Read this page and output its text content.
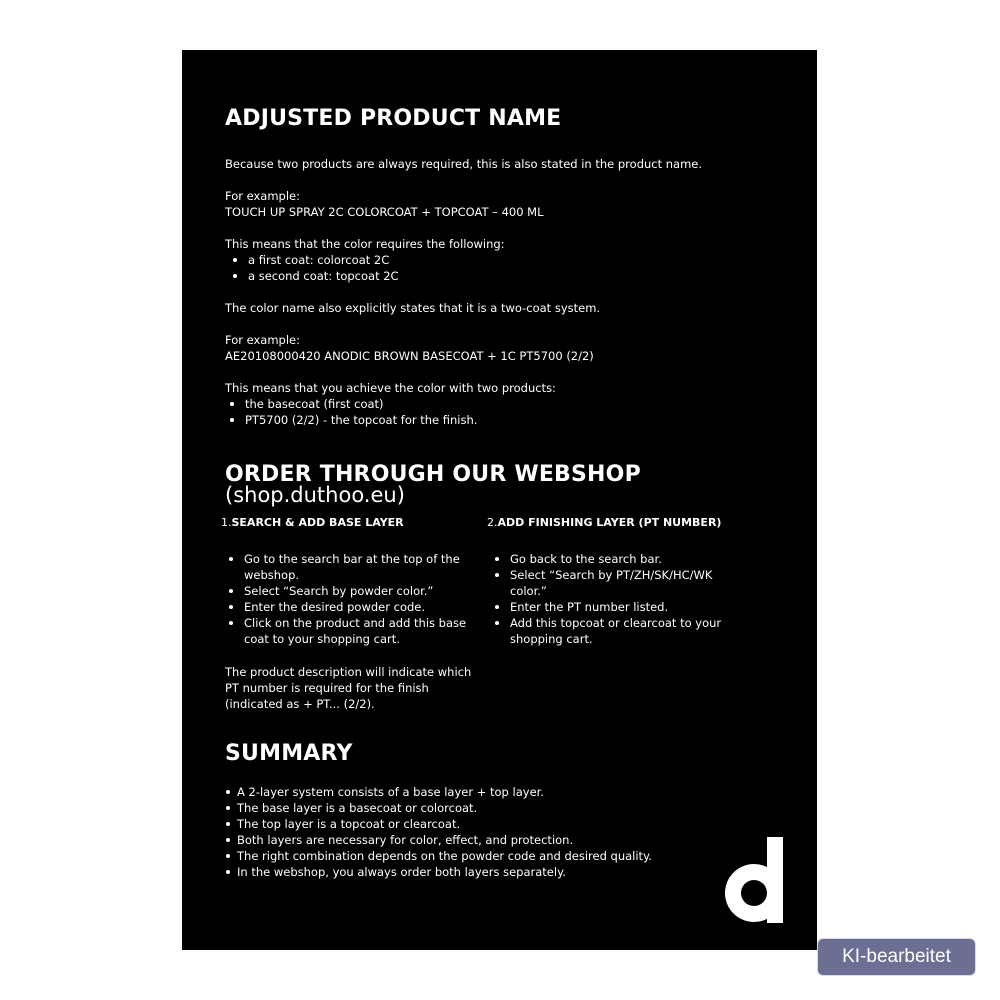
ADJUSTED PRODUCT NAME

Because two products are always required, this is also stated in the product name.

For example:

TOUCH UP SPRAY 2C COLORCOAT + TOPCOAT – 400 ML

This means that the color requires the following:

a first coat: colorcoat 2C
a second coat: topcoat 2C

The color name also explicitly states that it is a two-coat system.

For example:

AE20108000420 ANODIC BROWN BASECOAT + 1C PT5700 (2/2)

This means that you achieve the color with two products:

the basecoat (first coat)
PT5700 (2/2) - the topcoat for the finish.
ORDER THROUGH OUR WEBSHOP

(shop.duthoo.eu)

1.SEARCH & ADD BASE LAYER

Go to the search bar at the top of the webshop.
Select “Search by powder color.”
Enter the desired powder code.
Click on the product and add this base coat to your shopping cart.

The product description will indicate which

PT number is required for the finish

(indicated as + PT... (2/2).

2.ADD FINISHING LAYER (PT NUMBER)

Go back to the search bar.
Select “Search by PT/ZH/SK/HC/WK color.”
Enter the PT number listed.
Add this topcoat or clearcoat to your shopping cart.
SUMMARY
A 2-layer system consists of a base layer + top layer.
The base layer is a basecoat or colorcoat.
The top layer is a topcoat or clearcoat.
Both layers are necessary for color, effect, and protection.
The right combination depends on the powder code and desired quality.
In the webshop, you always order both layers separately.
KI-bearbeitet
